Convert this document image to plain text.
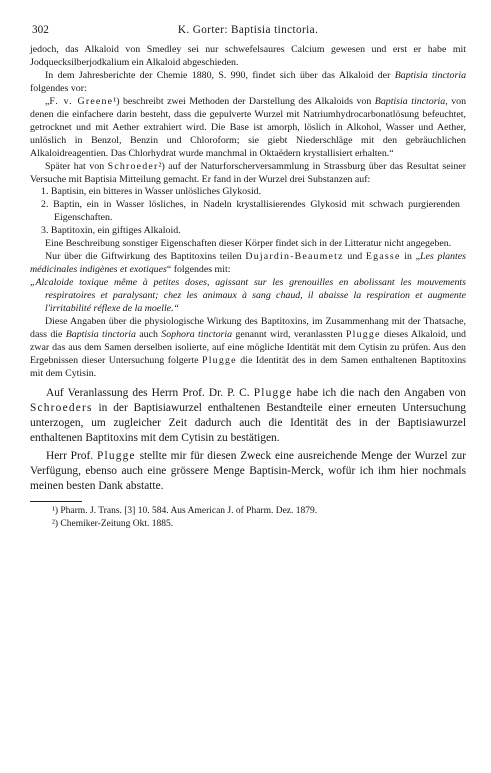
302	K. Gorter: Baptisia tinctoria.

jedoch, das Alkaloid von Smedley sei nur schwefelsaures Calcium gewesen und erst er habe mit Jodquecksilberjodkalium ein Alkaloid abgeschieden.

In dem Jahresberichte der Chemie 1880, S. 990, findet sich über das Alkaloid der Baptisia tinctoria folgendes vor:

„F. v. Greene¹) beschreibt zwei Methoden der Darstellung des Alkaloids von Baptisia tinctoria, von denen die einfachere darin besteht, dass die gepulverte Wurzel mit Natriumhydrocarbonatlösung befeuchtet, getrocknet und mit Aether extrahiert wird. Die Base ist amorph, löslich in Alkohol, Wasser und Aether, unlöslich in Benzol, Benzin und Chloroform; sie giebt Niederschläge mit den gebräuchlichen Alkaloidreagentien. Das Chlorhydrat wurde manchmal in Oktaëdern krystallisiert erhalten.“

Später hat von Schroeder²) auf der Naturforscherversammlung in Strassburg über das Resultat seiner Versuche mit Baptisia Mitteilung gemacht. Er fand in der Wurzel drei Substanzen auf:

1. Baptisin, ein bitteres in Wasser unlösliches Glykosid.
2. Baptin, ein in Wasser lösliches, in Nadeln krystallisierendes Glykosid mit schwach purgierenden Eigenschaften.
3. Baptitoxin, ein giftiges Alkaloid.

Eine Beschreibung sonstiger Eigenschaften dieser Körper findet sich in der Litteratur nicht angegeben.

Nur über die Giftwirkung des Baptitoxins teilen Dujardin-Beaumetz und Egasse in „Les plantes médicinales indigènes et exotiques“ folgendes mit:

„Alcaloide toxique même à petites doses, agissant sur les grenouilles en abolissant les mouvements respiratoires et paralysant; chez les animaux à sang chaud, il abaisse la respiration et augmente l'irritabilité réflexe de la moelle.“

Diese Angaben über die physiologische Wirkung des Baptitoxins, im Zusammenhang mit der Thatsache, dass die Baptisia tinctoria auch Sophora tinctoria genannt wird, veranlassten Plugge dieses Alkaloid, und zwar das aus dem Samen derselben isolierte, auf eine mögliche Identität mit dem Cytisin zu prüfen. Aus den Ergebnissen dieser Untersuchung folgerte Plugge die Identität des in dem Samen enthaltenen Baptitoxins mit dem Cytisin.

Auf Veranlassung des Herrn Prof. Dr. P. C. Plugge habe ich die nach den Angaben von Schroeders in der Baptisiawurzel enthaltenen Bestandteile einer erneuten Untersuchung unterzogen, um zugleicher Zeit dadurch auch die Identität des in der Baptisiawurzel enthaltenen Baptitoxins mit dem Cytisin zu bestätigen.

Herr Prof. Plugge stellte mir für diesen Zweck eine ausreichende Menge der Wurzel zur Verfügung, ebenso auch eine grössere Menge Baptisin-Merck, wofür ich ihm hier nochmals meinen besten Dank abstatte.

¹) Pharm. J. Trans. [3] 10. 584. Aus American J. of Pharm. Dez. 1879.
²) Chemiker-Zeitung Okt. 1885.
